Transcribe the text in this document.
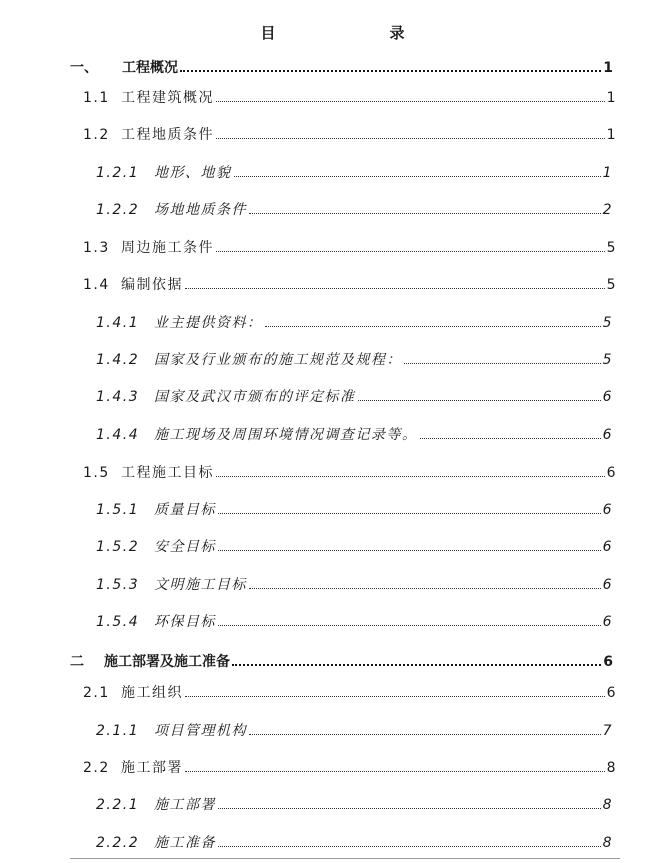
目　　录
一、	工程概况	1
1.1 工程建筑概况	1
1.2 工程地质条件	1
1.2.1	地形、地貌	1
1.2.2	场地地质条件	2
1.3 周边施工条件	5
1.4 编制依据	5
1.4.1	业主提供资料：	5
1.4.2	国家及行业颁布的施工规范及规程：	5
1.4.3	国家及武汉市颁布的评定标准	6
1.4.4	施工现场及周围环境情况调查记录等。	6
1.5 工程施工目标	6
1.5.1	质量目标	6
1.5.2	安全目标	6
1.5.3	文明施工目标	6
1.5.4	环保目标	6
二	施工部署及施工准备	6
2.1 施工组织	6
2.1.1	项目管理机构	7
2.2 施工部署	8
2.2.1	施工部署	8
2.2.2	施工准备	8
